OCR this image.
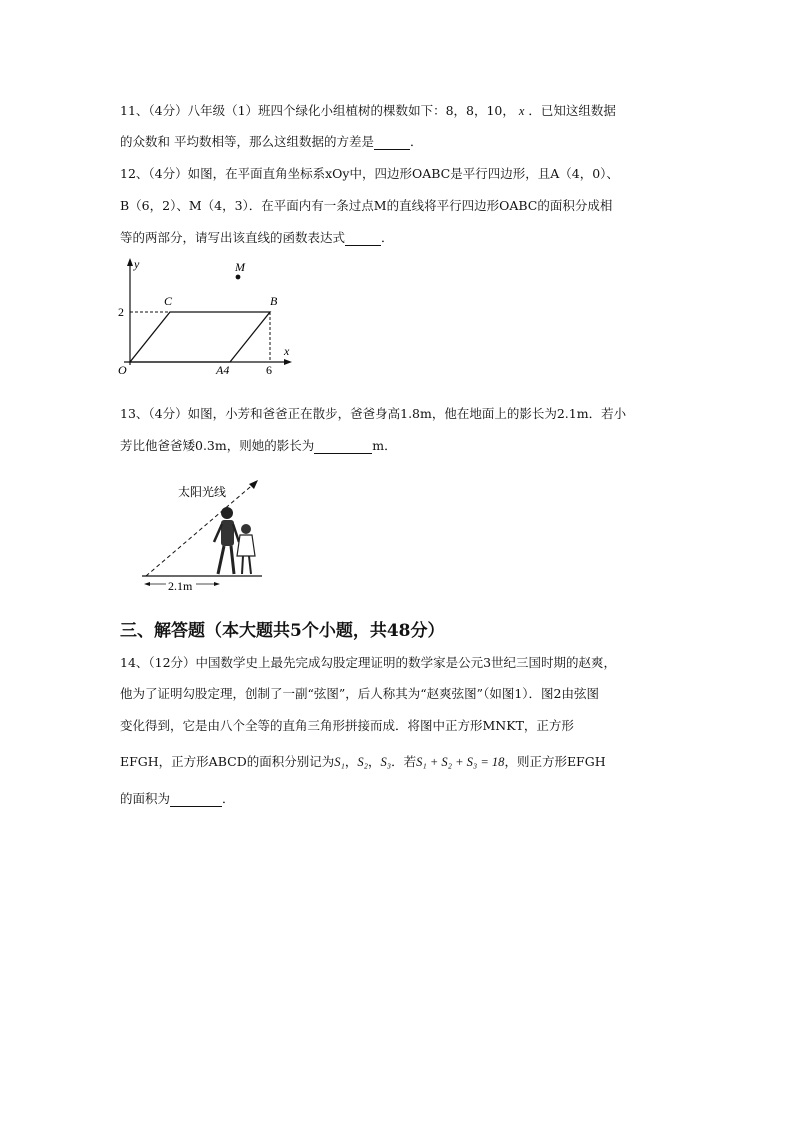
11、（4分）八年级（1）班四个绿化小组植树的棵数如下：8，8，10， x ．已知这组数据
的众数和 平均数相等，那么这组数据的方差是	．
12、（4分）如图，在平面直角坐标系xOy中，四边形OABC是平行四边形，且A（4，0）、
B（6，2）、M（4，3）．在平面内有一条过点M的直线将平行四边形OABC的面积分成相
等的两部分，请写出该直线的函数表达式	．
y
x
M
C	B
O	A4	6
2
13、（4分）如图，小芳和爸爸正在散步，爸爸身高1.8m，他在地面上的影长为2.1m．若小
芳比他爸爸矮0.3m，则她的影长为	m．
太阳光线
2.1m
三、解答题（本大题共5个小题，共48分）
14、（12分）中国数学史上最先完成勾股定理证明的数学家是公元3世纪三国时期的赵爽，
他为了证明勾股定理，创制了一副“弦图”，后人称其为“赵爽弦图”（如图1）．图2由弦图
变化得到，它是由八个全等的直角三角形拼接而成．将图中正方形MNKT，正方形
EFGH，正方形ABCD的面积分别记为S₁，S₂，S₃．若S₁ + S₂ + S₃ = 18，则正方形EFGH
的面积为	．
